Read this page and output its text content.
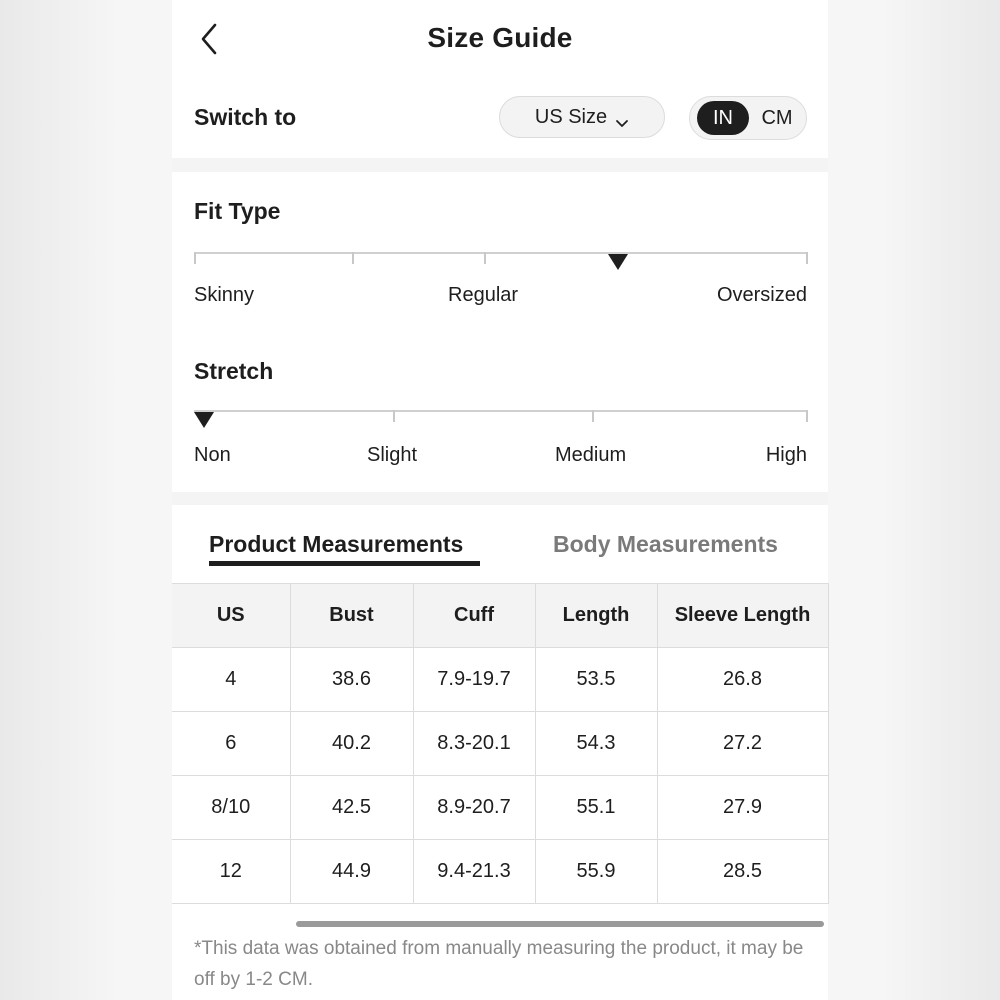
Size Guide
Switch to	US Size	IN	CM
Fit Type
Skinny	Regular	Oversized
Stretch
Non	Slight	Medium	High
Product Measurements	Body Measurements
US	Bust	Cuff	Length	Sleeve Length
4	38.6	7.9-19.7	53.5	26.8
6	40.2	8.3-20.1	54.3	27.2
8/10	42.5	8.9-20.7	55.1	27.9
12	44.9	9.4-21.3	55.9	28.5
*This data was obtained from manually measuring the product, it may be off by 1-2 CM.
